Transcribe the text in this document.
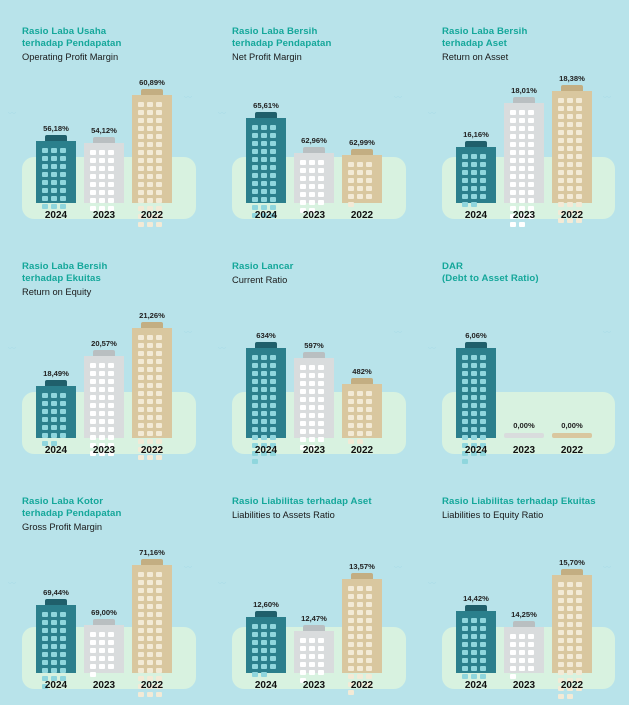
Rasio Laba Usaha
terhadap Pendapatan
Operating Profit Margin
〰
〰
56,18%
2024
54,12%
2023
60,89%
2022
Rasio Laba Bersih
terhadap Pendapatan
Net Profit Margin
〰
〰
65,61%
2024
62,96%
2023
62,99%
2022
Rasio Laba Bersih
terhadap Aset
Return on Asset
〰
〰
16,16%
2024
18,01%
2023
18,38%
2022
Rasio Laba Bersih
terhadap Ekuitas
Return on Equity
〰
〰
18,49%
2024
20,57%
2023
21,26%
2022
Rasio Lancar
Current Ratio
〰
〰
634%
2024
597%
2023
482%
2022
DAR
(Debt to Asset Ratio)
〰
〰
6,06%
2024
0,00%
2023
0,00%
2022
Rasio Laba Kotor
terhadap Pendapatan
Gross Profit Margin
〰
〰
69,44%
2024
69,00%
2023
71,16%
2022
Rasio Liabilitas terhadap Aset
Liabilities to Assets Ratio
〰
〰
12,60%
2024
12,47%
2023
13,57%
2022
Rasio Liabilitas terhadap Ekuitas
Liabilities to Equity Ratio
〰
〰
14,42%
2024
14,25%
2023
15,70%
2022
